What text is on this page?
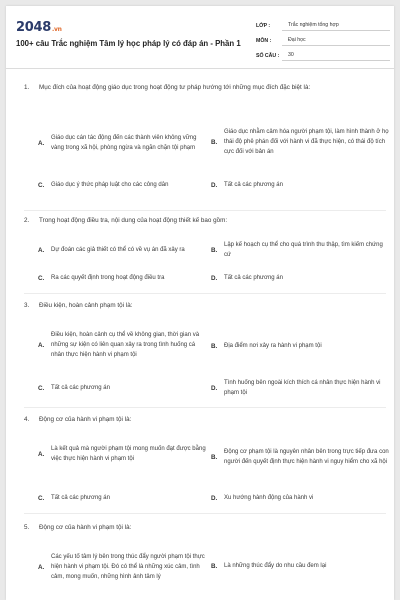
2048.vn
100+ câu Trắc nghiệm Tâm lý học pháp lý có đáp án - Phần 1
LỚP :	Trắc nghiệm tổng hợp
MÔN :	Đại học
SỐ CÂU :	30
1.	Mục đích của hoạt động giáo dục trong hoạt động tư pháp hướng tới những mục đích đặc biệt là:
A.
Giáo dục cán tác động đến các thành viên không vững vàng trong xã hội, phòng ngừa và ngăn chặn tội phạm
B.
Giáo dục nhằm cảm hóa người phạm tội, làm hình thành ở họ thái độ phê phán đối với hành vi đã thực hiện, có thái độ tích cực đối với bản án
C.	Giáo dục ý thức pháp luật cho các công dân	D.	Tất cả các phương án
2.	Trong hoạt động điều tra, nội dung của hoạt động thiết kế bao gồm:
A.	Dự đoán các giả thiết có thể có về vụ án đã xảy ra	B.
Lập kế hoạch cụ thể cho quá trình thu thập, tìm kiếm chứng cứ
C.	Ra các quyết định trong hoạt động điều tra	D.	Tất cả các phương án
3.	Điều kiện, hoàn cảnh phạm tội là:
A.
Điều kiện, hoàn cảnh cụ thể về không gian, thời gian và những sự kiện có liên quan xảy ra trong tình huống cá nhân thực hiện hành vi phạm tội
B.	Địa điểm nơi xảy ra hành vi phạm tội
C.	Tất cả các phương án	D.
Tình huống bên ngoài kích thích cá nhân thực hiện hành vi phạm tội
4.	Động cơ của hành vi phạm tội là:
A.
Là kết quả mà người phạm tội mong muốn đạt được bằng việc thực hiện hành vi phạm tội	B.
Động cơ phạm tội là nguyên nhân bên trong trực tiếp đưa con người đến quyết định thực hiện hành vi nguy hiểm cho xã hội
C.	Tất cả các phương án	D.	Xu hướng hành động của hành vi
5.	Động cơ của hành vi phạm tội là:
A.
Các yếu tố tâm lý bên trong thúc đẩy người phạm tội thực hiện hành vi phạm tội. Đó có thể là những xúc cảm, tình cảm, mong muốn, những hình ảnh tâm lý
B.	Là những thúc đẩy do nhu cầu đem lại
